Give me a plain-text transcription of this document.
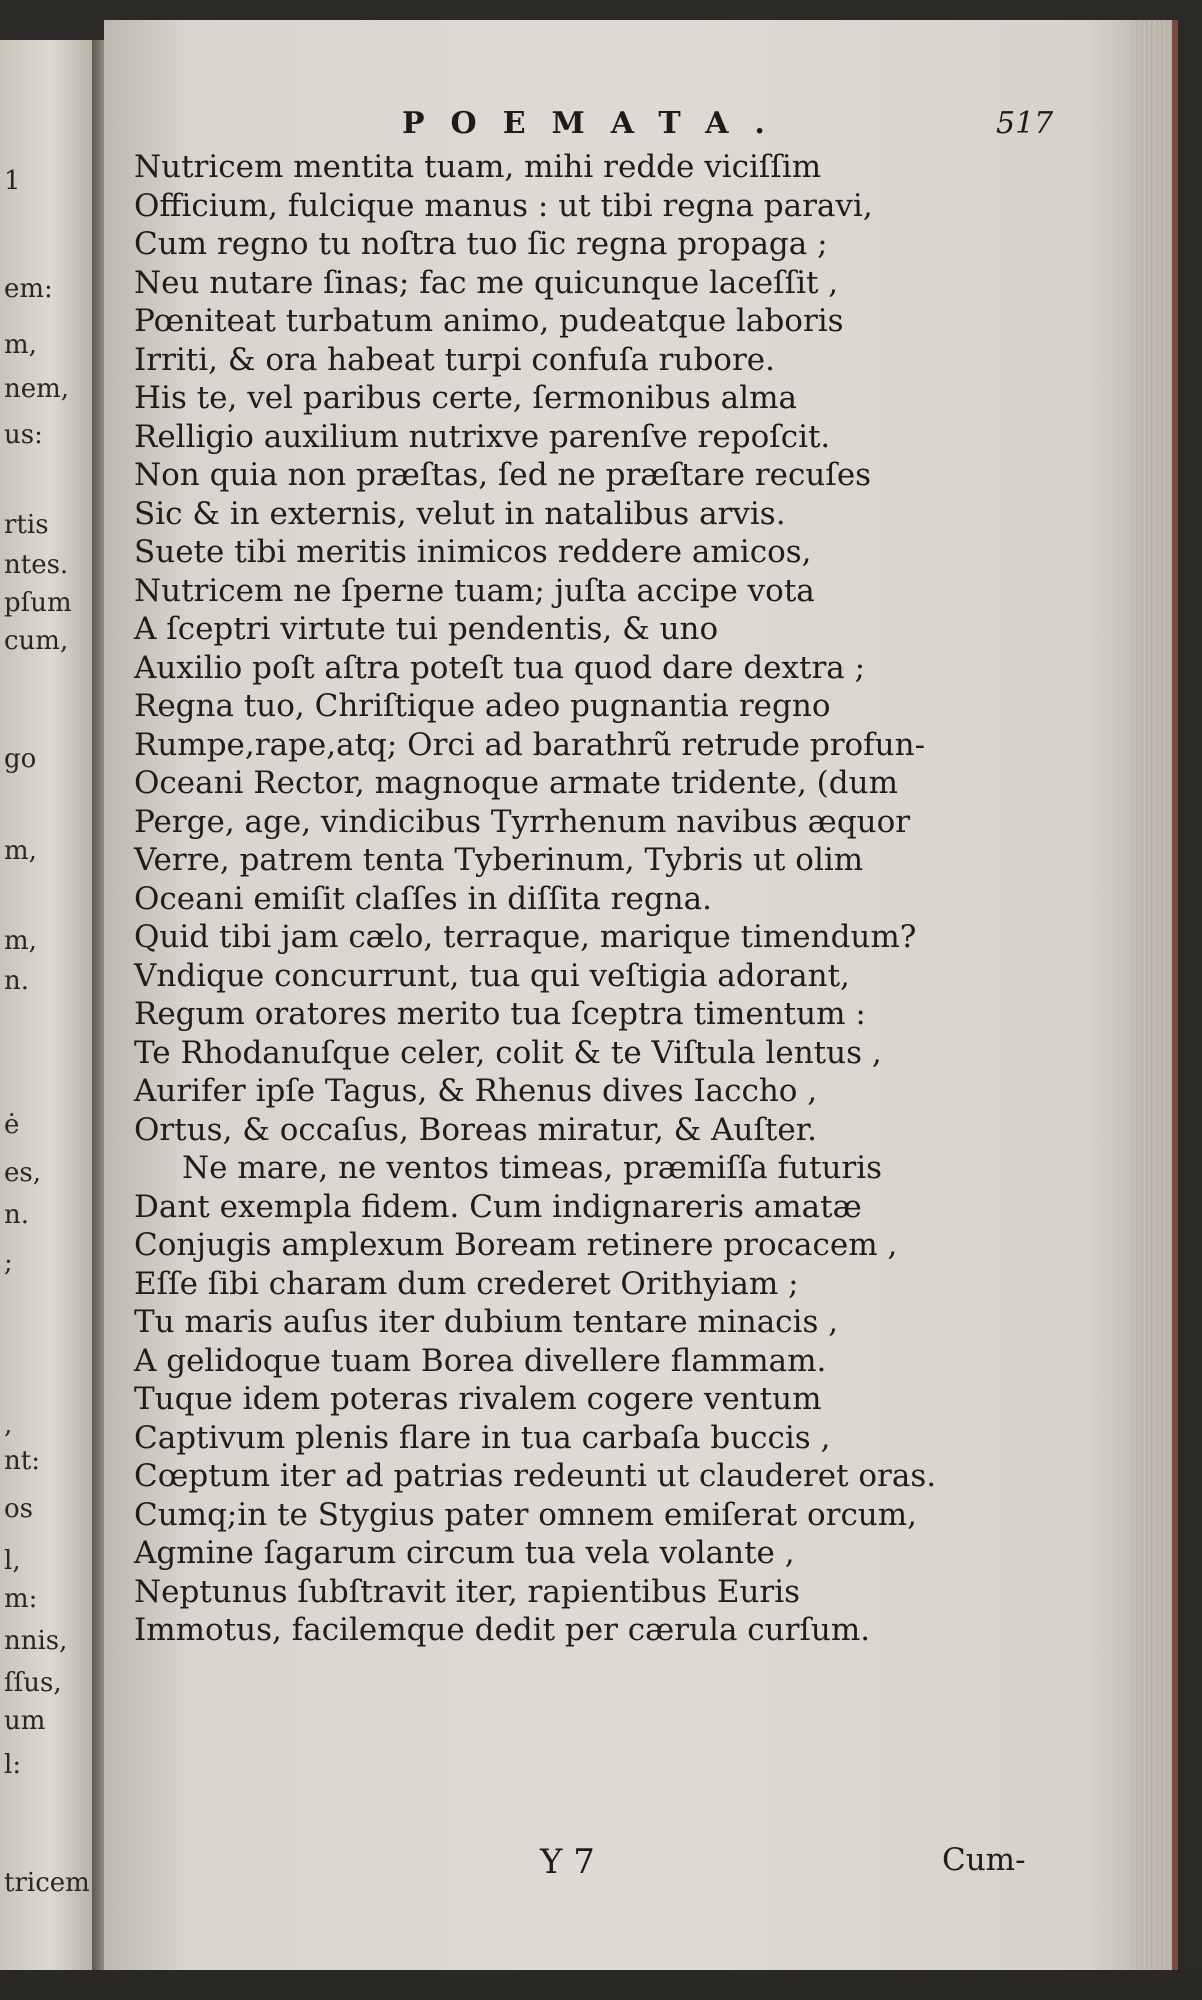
1
em:
m,
nem,
us:
rtis
ntes.
pſum
cum,
go
m,
m,
n.
ė
es,
n.
;
,
nt:
os
l,
m:
nnis,
ſſus,
um
l:
tricem
POEMATA.	517
Nutricem mentita tuam, mihi redde viciſſim
Officium, fulcique manus : ut tibi regna paravi,
Cum regno tu noſtra tuo ſic regna propaga ;
Neu nutare ſinas; fac me quicunque laceſſit ,
Pœniteat turbatum animo, pudeatque laboris
Irriti, & ora habeat turpi confuſa rubore.
His te, vel paribus certe, ſermonibus alma
Relligio auxilium nutrixve parenſve repoſcit.
Non quia non præſtas, ſed ne præſtare recuſes
Sic & in externis, velut in natalibus arvis.
Suete tibi meritis inimicos reddere amicos,
Nutricem ne ſperne tuam; juſta accipe vota
A ſceptri virtute tui pendentis, & uno
Auxilio poſt aſtra poteſt tua quod dare dextra ;
Regna tuo, Chriſtique adeo pugnantia regno
Rumpe,rape,atq; Orci ad barathrũ retrude profun-
Oceani Rector, magnoque armate tridente, (dum
Perge, age, vindicibus Tyrrhenum navibus æquor
Verre, patrem tenta Tyberinum, Tybris ut olim
Oceani emiſit claſſes in diſſita regna.
Quid tibi jam cælo, terraque, marique timendum?
Vndique concurrunt, tua qui veſtigia adorant,
Regum oratores merito tua ſceptra timentum :
Te Rhodanuſque celer, colit & te Viſtula lentus ,
Aurifer ipſe Tagus, & Rhenus dives Iaccho ,
Ortus, & occaſus, Boreas miratur, & Auſter.
Ne mare, ne ventos timeas, præmiſſa futuris
Dant exempla fidem. Cum indignareris amatæ
Conjugis amplexum Boream retinere procacem ,
Eſſe ſibi charam dum crederet Orithyiam ;
Tu maris auſus iter dubium tentare minacis ,
A gelidoque tuam Borea divellere flammam.
Tuque idem poteras rivalem cogere ventum
Captivum plenis flare in tua carbaſa buccis ,
Cœptum iter ad patrias redeunti ut clauderet oras.
Cumq;in te Stygius pater omnem emiſerat orcum,
Agmine ſagarum circum tua vela volante ,
Neptunus ſubſtravit iter, rapientibus Euris
Immotus, facilemque dedit per cærula curſum.
Y 7	Cum-
